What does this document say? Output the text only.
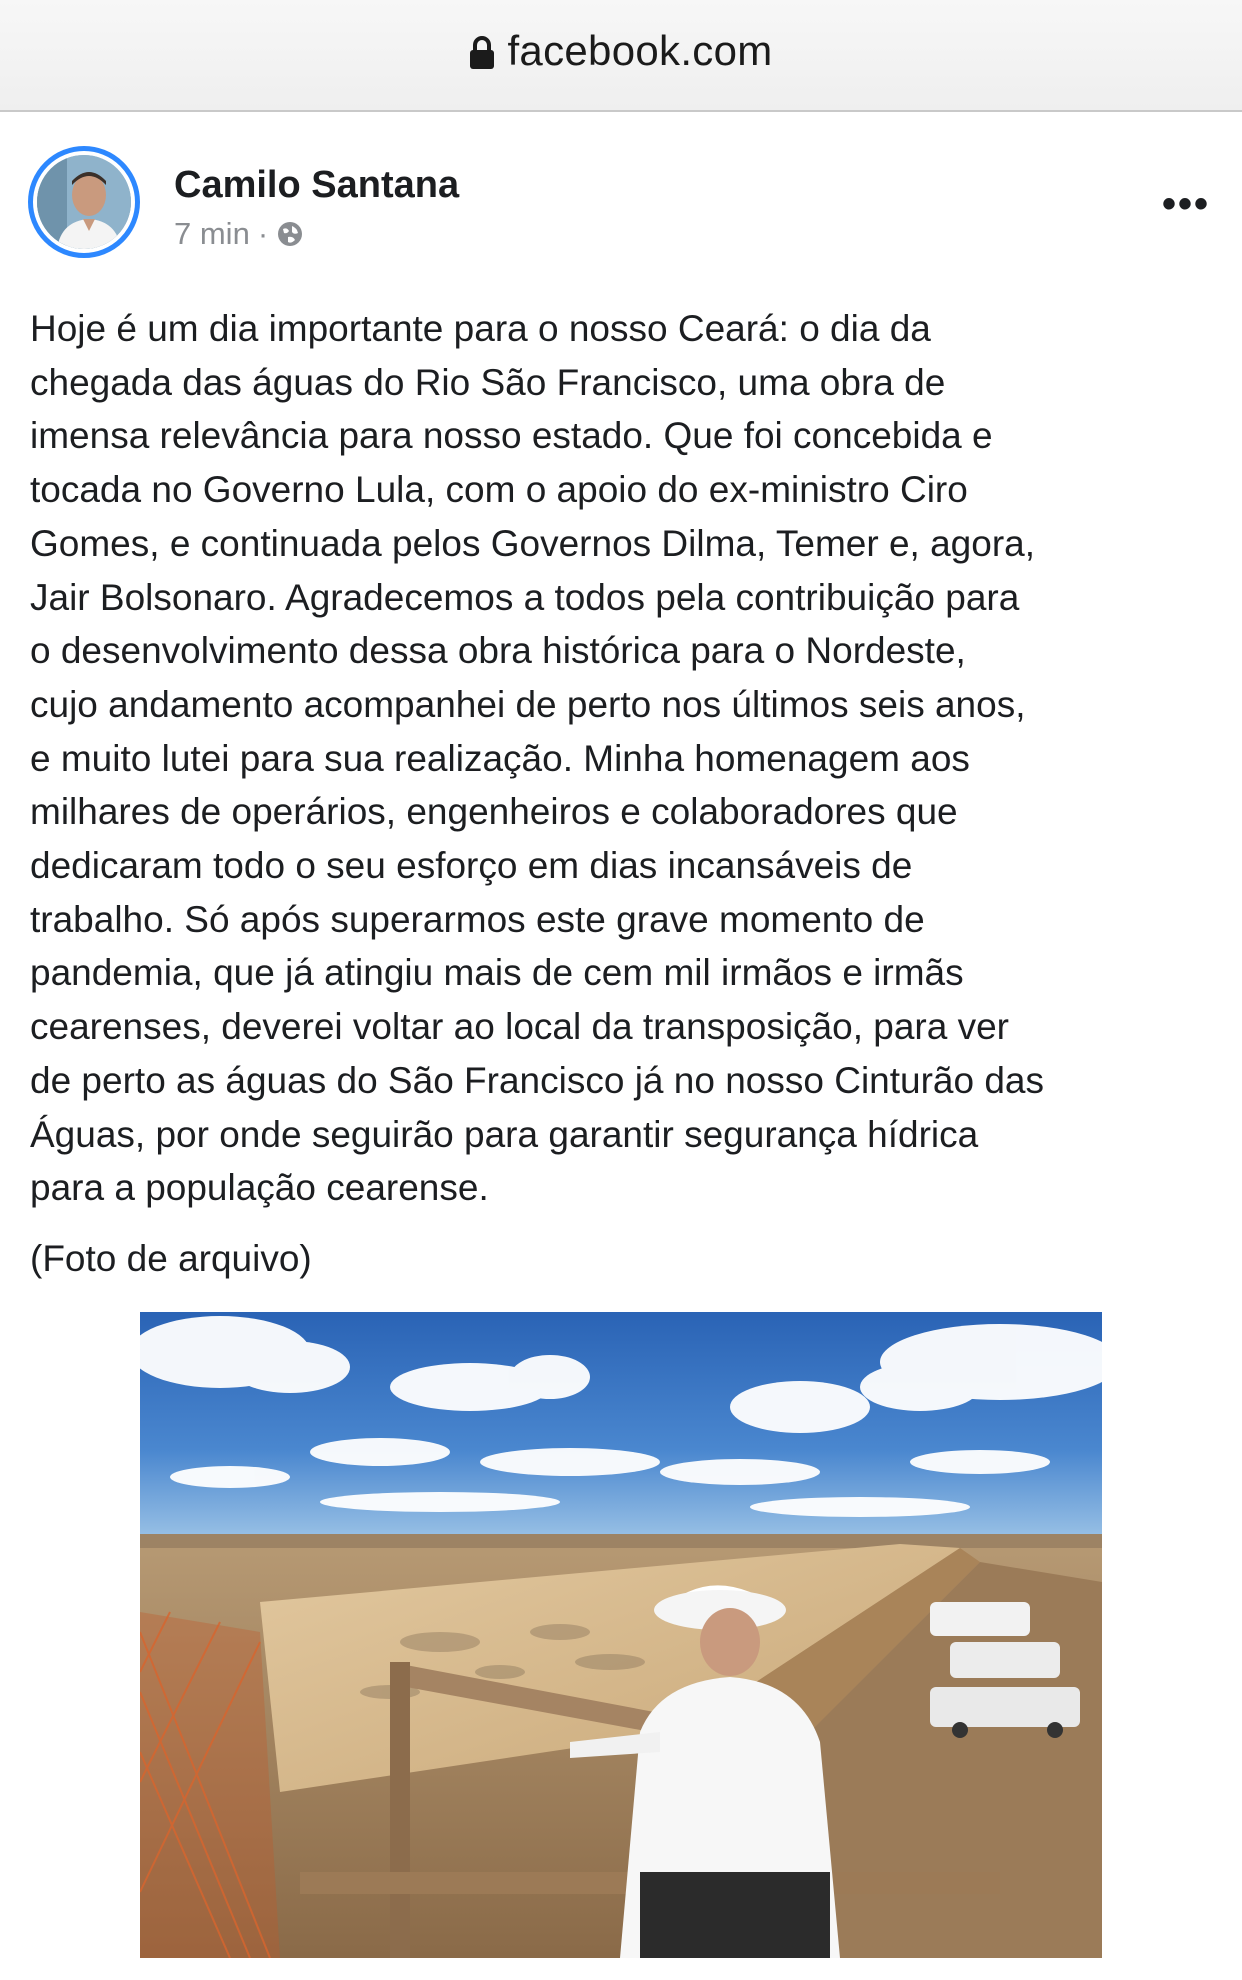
facebook.com
Camilo Santana
7 min ·
•••
Hoje é um dia importante para o nosso Ceará: o dia da
chegada das águas do Rio São Francisco, uma obra de
imensa relevância para nosso estado. Que foi concebida e
tocada no Governo Lula, com o apoio do ex-ministro Ciro
Gomes, e continuada pelos Governos Dilma, Temer e, agora,
Jair Bolsonaro. Agradecemos a todos pela contribuição para
o desenvolvimento dessa obra histórica para o Nordeste,
cujo andamento acompanhei de perto nos últimos seis anos,
e muito lutei para sua realização. Minha homenagem aos
milhares de operários, engenheiros e colaboradores que
dedicaram todo o seu esforço em dias incansáveis de
trabalho. Só após superarmos este grave momento de
pandemia, que já atingiu mais de cem mil irmãos e irmãs
cearenses, deverei voltar ao local da transposição, para ver
de perto as águas do São Francisco já no nosso Cinturão das
Águas, por onde seguirão para garantir segurança hídrica
para a população cearense.
(Foto de arquivo)
